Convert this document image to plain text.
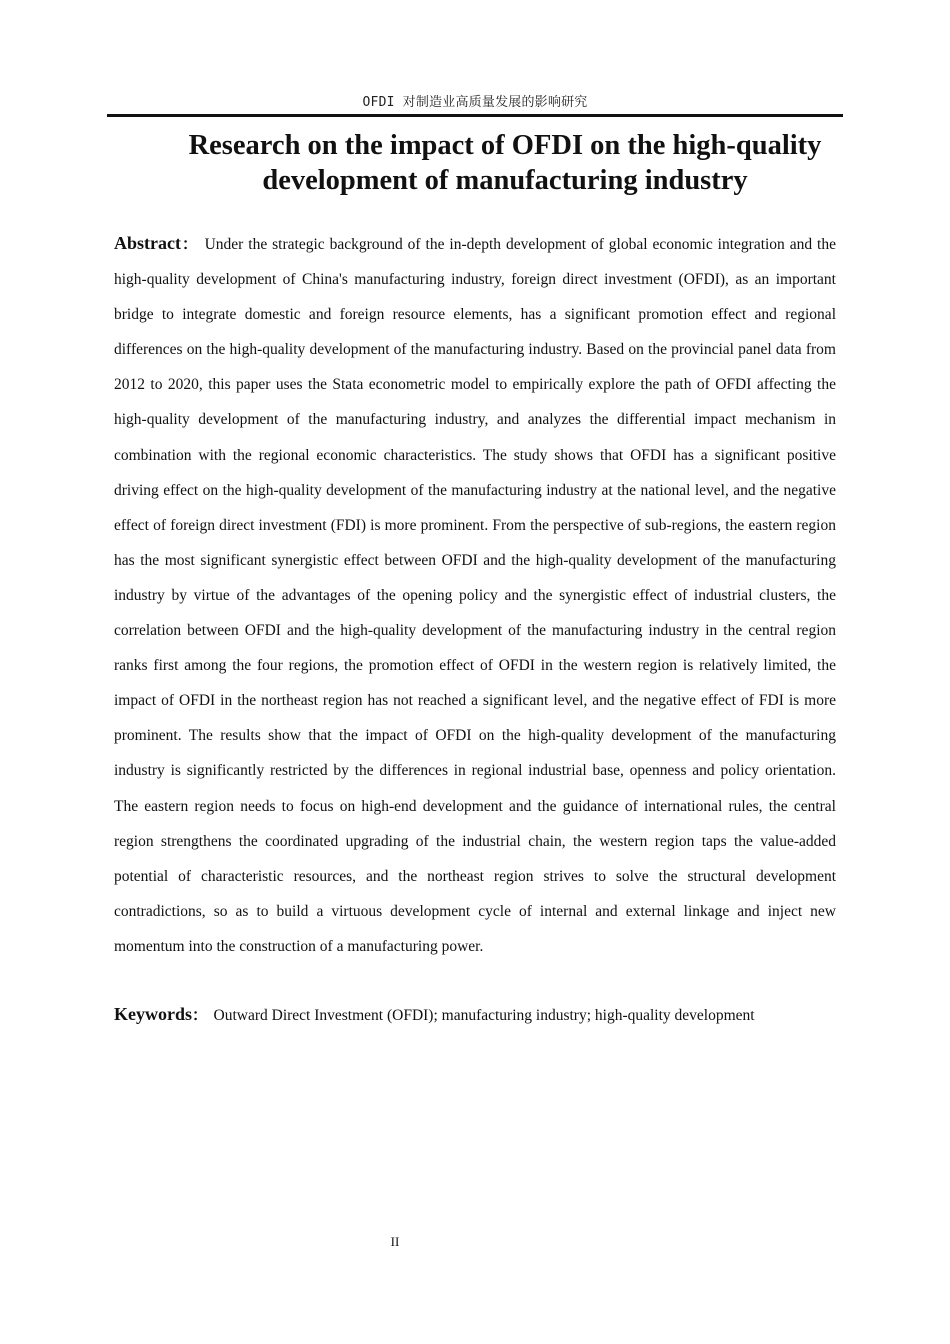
OFDI 对制造业高质量发展的影响研究
Research on the impact of OFDI on the high-quality
development of manufacturing industry

Abstract： Under the strategic background of the in-depth development of global economic integration and the high-quality development of China's manufacturing industry, foreign direct investment (OFDI), as an important bridge to integrate domestic and foreign resource elements, has a significant promotion effect and regional differences on the high-quality development of the manufacturing industry. Based on the provincial panel data from 2012 to 2020, this paper uses the Stata econometric model to empirically explore the path of OFDI affecting the high-quality development of the manufacturing industry, and analyzes the differential impact mechanism in combination with the regional economic characteristics. The study shows that OFDI has a significant positive driving effect on the high-quality development of the manufacturing industry at the national level, and the negative effect of foreign direct investment (FDI) is more prominent. From the perspective of sub-regions, the eastern region has the most significant synergistic effect between OFDI and the high-quality development of the manufacturing industry by virtue of the advantages of the opening policy and the synergistic effect of industrial clusters, the correlation between OFDI and the high-quality development of the manufacturing industry in the central region ranks first among the four regions, the promotion effect of OFDI in the western region is relatively limited, the impact of OFDI in the northeast region has not reached a significant level, and the negative effect of FDI is more prominent. The results show that the impact of OFDI on the high-quality development of the manufacturing industry is significantly restricted by the differences in regional industrial base, openness and policy orientation. The eastern region needs to focus on high-end development and the guidance of international rules, the central region strengthens the coordinated upgrading of the industrial chain, the western region taps the value-added potential of characteristic resources, and the northeast region strives to solve the structural development contradictions, so as to build a virtuous development cycle of internal and external linkage and inject new momentum into the construction of a manufacturing power.

Keywords： Outward Direct Investment (OFDI); manufacturing industry; high-quality development

II
